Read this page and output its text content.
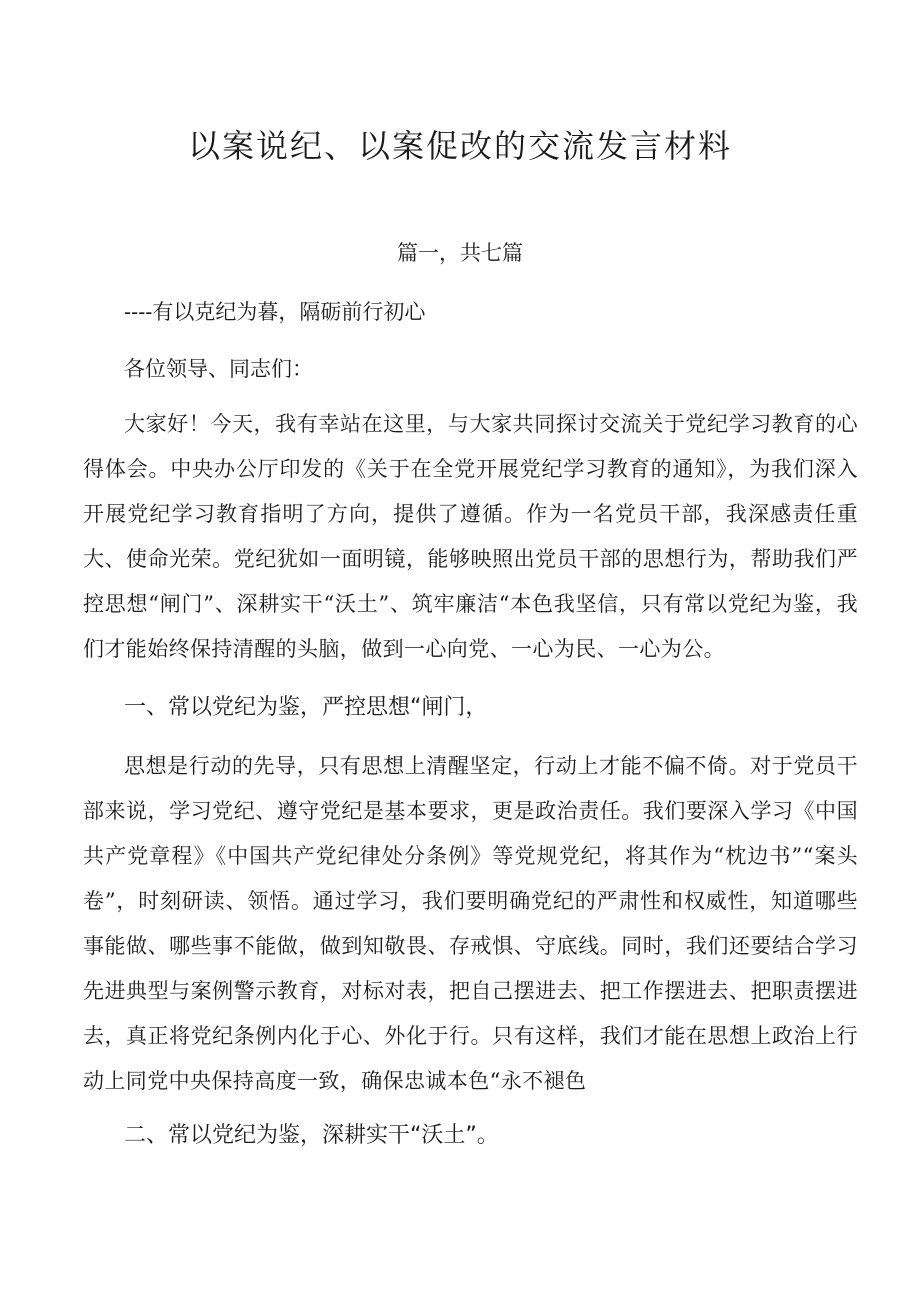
以案说纪、以案促改的交流发言材料

篇一，共七篇

----有以克纪为暮，隔砺前行初心

各位领导、同志们：

大家好！今天，我有幸站在这里，与大家共同探讨交流关于党纪学习教育的心得体会。中央办公厅印发的《关于在全党开展党纪学习教育的通知》，为我们深入开展党纪学习教育指明了方向，提供了遵循。作为一名党员干部，我深感责任重大、使命光荣。党纪犹如一面明镜，能够映照出党员干部的思想行为，帮助我们严控思想“闸门”、深耕实干“沃土”、筑牢廉洁“本色我坚信，只有常以党纪为鉴，我们才能始终保持清醒的头脑，做到一心向党、一心为民、一心为公。

一、常以党纪为鉴，严控思想“闸门，

思想是行动的先导，只有思想上清醒坚定，行动上才能不偏不倚。对于党员干部来说，学习党纪、遵守党纪是基本要求，更是政治责任。我们要深入学习《中国共产党章程》《中国共产党纪律处分条例》等党规党纪，将其作为“枕边书”“案头卷”，时刻研读、领悟。通过学习，我们要明确党纪的严肃性和权威性，知道哪些事能做、哪些事不能做，做到知敬畏、存戒惧、守底线。同时，我们还要结合学习先进典型与案例警示教育，对标对表，把自己摆进去、把工作摆进去、把职责摆进去，真正将党纪条例内化于心、外化于行。只有这样，我们才能在思想上政治上行动上同党中央保持高度一致，确保忠诚本色“永不褪色

二、常以党纪为鉴，深耕实干“沃土”。
